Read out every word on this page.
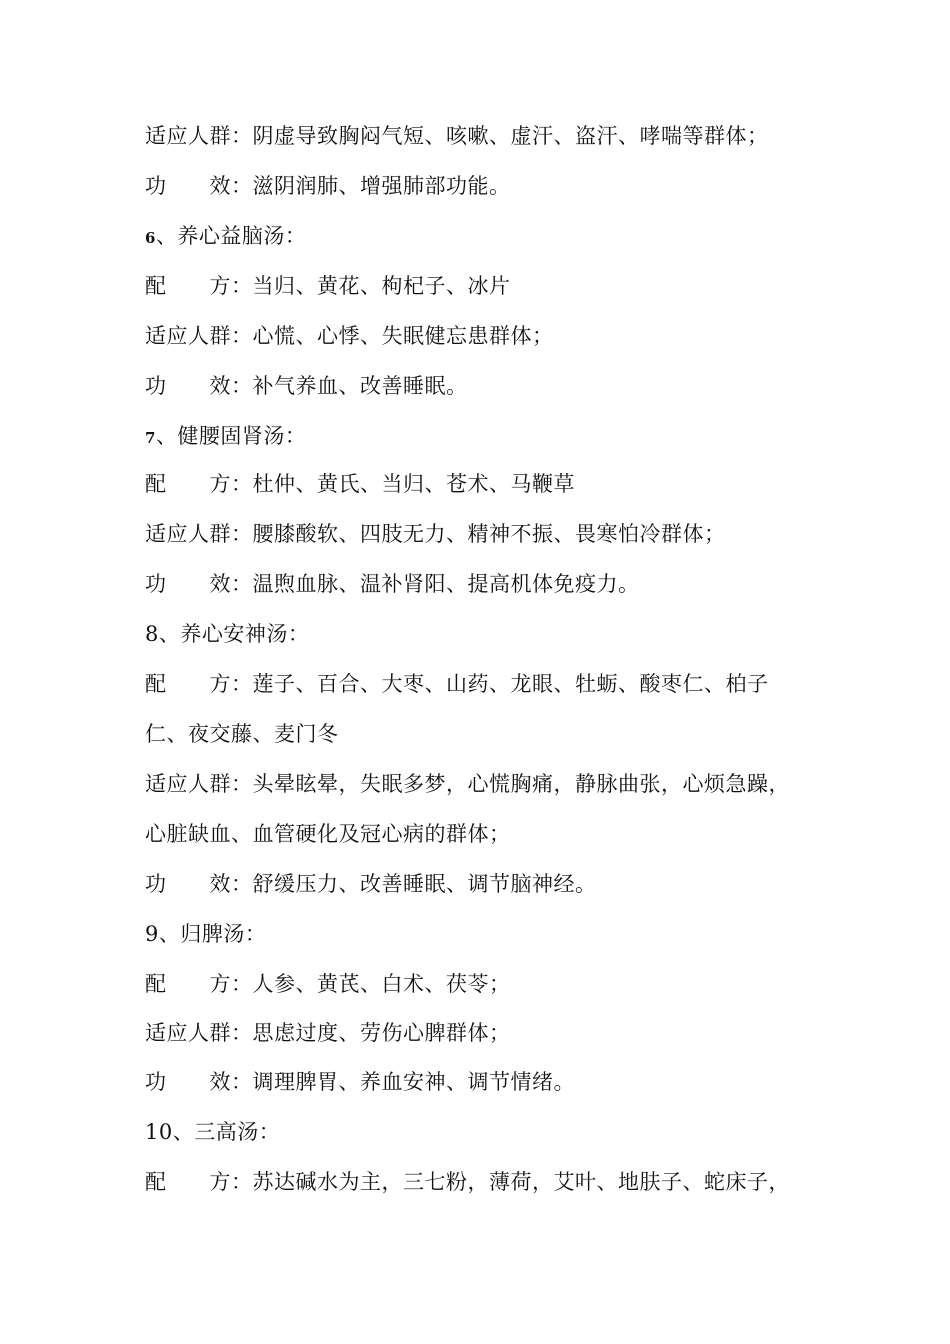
适应人群：阴虚导致胸闷气短、咳嗽、虚汗、盗汗、哮喘等群体；
功　　效：滋阴润肺、增强肺部功能。
6、养心益脑汤：
配　　方：当归、黄花、枸杞子、冰片
适应人群：心慌、心悸、失眠健忘患群体；
功　　效：补气养血、改善睡眠。
7、健腰固肾汤：
配　　方：杜仲、黄氏、当归、苍术、马鞭草
适应人群：腰膝酸软、四肢无力、精神不振、畏寒怕冷群体；
功　　效：温煦血脉、温补肾阳、提高机体免疫力。
8、养心安神汤：
配　　方：莲子、百合、大枣、山药、龙眼、牡蛎、酸枣仁、柏子
仁、夜交藤、麦门冬
适应人群：头晕眩晕，失眠多梦，心慌胸痛，静脉曲张，心烦急躁，
心脏缺血、血管硬化及冠心病的群体；
功　　效：舒缓压力、改善睡眠、调节脑神经。
9、归脾汤：
配　　方：人参、黄芪、白术、茯苓；
适应人群：思虑过度、劳伤心脾群体；
功　　效：调理脾胃、养血安神、调节情绪。
10、三高汤：
配　　方：苏达碱水为主，三七粉，薄荷，艾叶、地肤子、蛇床子，
